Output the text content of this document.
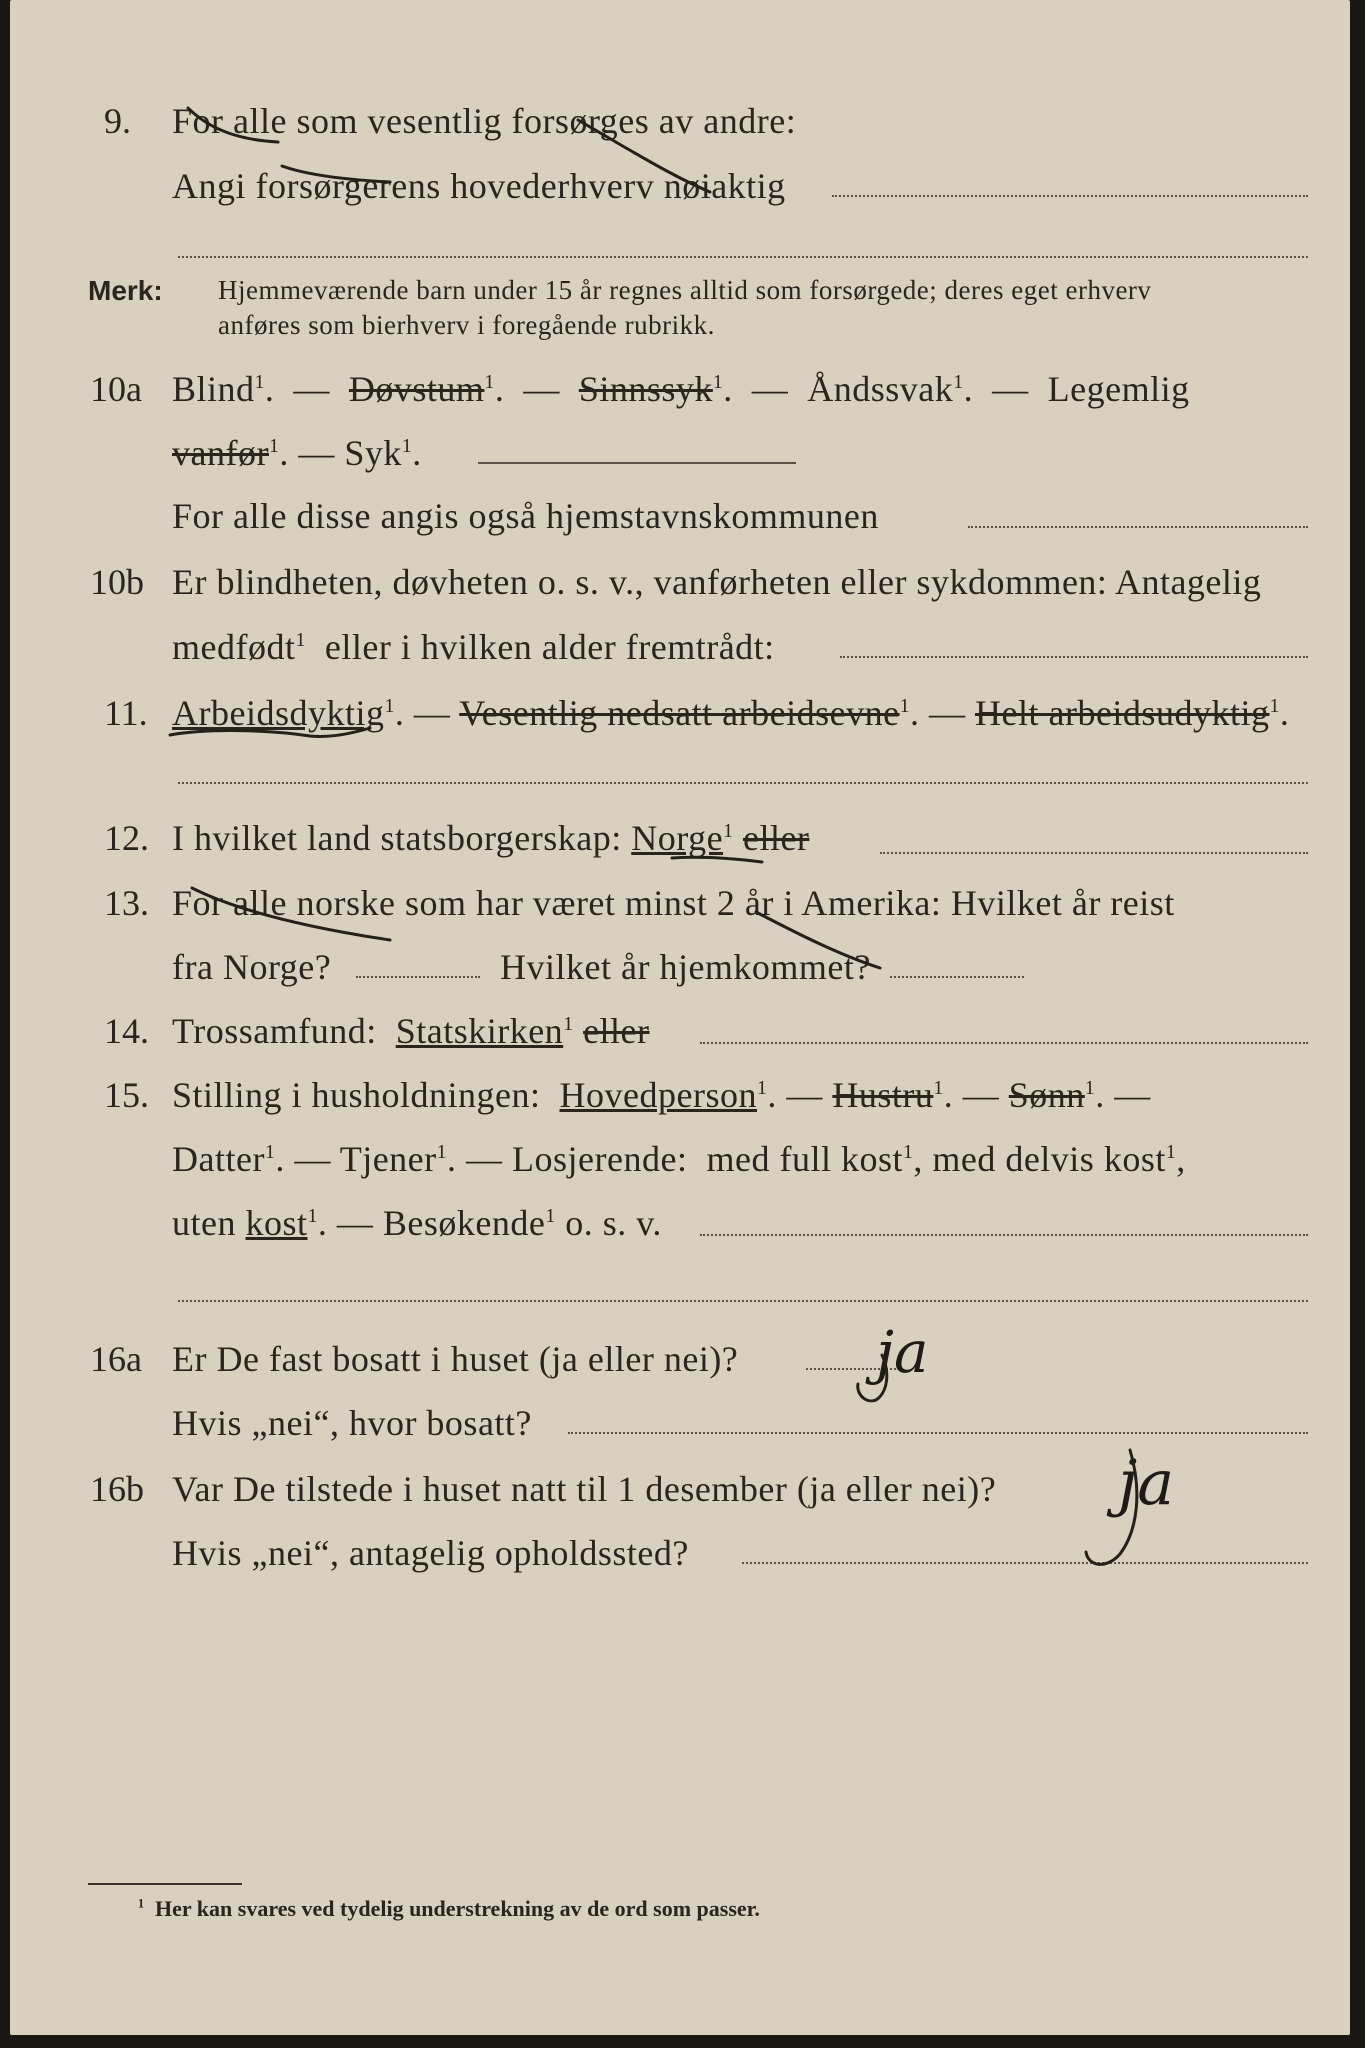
9. For alle som vesentlig forsørges av andre:
Angi forsørgerens hovederhverv nøiaktig
Merk: Hjemmeværende barn under 15 år regnes alltid som forsørgede; deres eget erhverv
anføres som bierhverv i foregående rubrikk.
10a Blind$^1$.  — Døvstum$^1$.  — Sinnssyk$^1$.  — Åndssvak$^1$.  — Legemlig
vanfør$^1$. — Syk$^1$.
For alle disse angis også hjemstavnskommunen
10b Er blindheten, døvheten o. s. v., vanførheten eller sykdommen: Antagelig
medfødt$^1$ eller i hvilken alder fremtrådt:
11. Arbeidsdyktig$^1$. — Vesentlig nedsatt arbeidsevne$^1$. — Helt arbeidsudyktig$^1$.
12. I hvilket land statsborgerskap: Norge$^1$ eller
13. For alle norske som har været minst 2 år i Amerika: Hvilket år reist
fra Norge?	Hvilket år hjemkommet?
14. Trossamfund: Statskirken$^1$ eller
15. Stilling i husholdningen: Hovedperson$^1$. — Hustru$^1$. — Sønn$^1$. —
Datter$^1$. — Tjener$^1$. — Losjerende: med full kost$^1$, med delvis kost$^1$,
uten kost$^1$. — Besøkende$^1$ o. s. v.
16a Er De fast bosatt i huset (ja eller nei)? ja
Hvis „nei“, hvor bosatt?
16b Var De tilstede i huset natt til 1 desember (ja eller nei)? ja
Hvis „nei“, antagelig opholdssted?
$^1$ Her kan svares ved tydelig understrekning av de ord som passer.
